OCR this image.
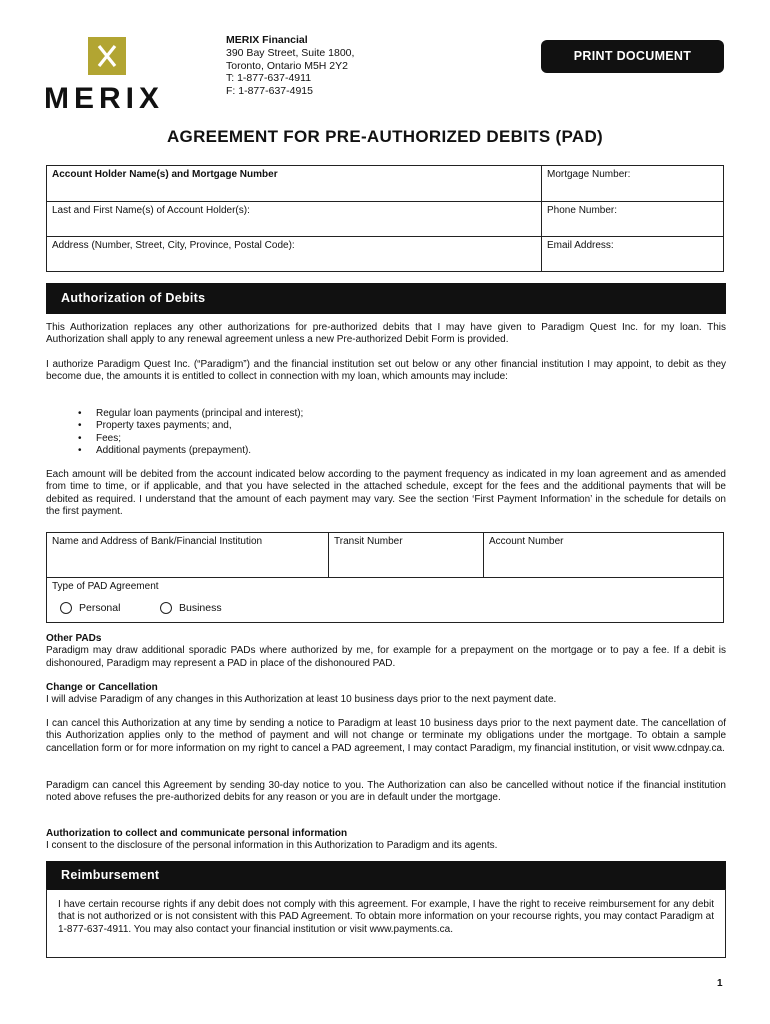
MERIX
MERIX Financial
390 Bay Street, Suite 1800,
Toronto, Ontario M5H 2Y2
T: 1-877-637-4911
F: 1-877-637-4915
PRINT DOCUMENT
AGREEMENT FOR PRE-AUTHORIZED DEBITS (PAD)
Account Holder Name(s) and Mortgage Number	Mortgage Number:
Last and First Name(s) of Account Holder(s):	Phone Number:
Address (Number, Street, City, Province, Postal Code):	Email Address:
Authorization of Debits
This Authorization replaces any other authorizations for pre-authorized debits that I may have given to Paradigm Quest Inc. for my loan. This Authorization shall apply to any renewal agreement unless a new Pre-authorized Debit Form is provided.
I authorize Paradigm Quest Inc. (“Paradigm”) and the financial institution set out below or any other financial institution I may appoint, to debit as they become due, the amounts it is entitled to collect in connection with my loan, which amounts may include:
• Regular loan payments (principal and interest);
• Property taxes payments; and,
• Fees;
• Additional payments (prepayment).
Each amount will be debited from the account indicated below according to the payment frequency as indicated in my loan agreement and as amended from time to time, or if applicable, and that you have selected in the attached schedule, except for the fees and the additional payments that will be debited as required. I understand that the amount of each payment may vary. See the section ‘First Payment Information’ in the schedule for details on the first payment.
Name and Address of Bank/Financial Institution	Transit Number	Account Number
Type of PAD Agreement
Personal	Business
Other PADs
Paradigm may draw additional sporadic PADs where authorized by me, for example for a prepayment on the mortgage or to pay a fee. If a debit is dishonoured, Paradigm may represent a PAD in place of the dishonoured PAD.
Change or Cancellation
I will advise Paradigm of any changes in this Authorization at least 10 business days prior to the next payment date.
I can cancel this Authorization at any time by sending a notice to Paradigm at least 10 business days prior to the next payment date. The cancellation of this Authorization applies only to the method of payment and will not change or terminate my obligations under the mortgage. To obtain a sample cancellation form or for more information on my right to cancel a PAD agreement, I may contact Paradigm, my financial institution, or visit www.cdnpay.ca.
Paradigm can cancel this Agreement by sending 30-day notice to you. The Authorization can also be cancelled without notice if the financial institution noted above refuses the pre-authorized debits for any reason or you are in default under the mortgage.
Authorization to collect and communicate personal information
I consent to the disclosure of the personal information in this Authorization to Paradigm and its agents.
Reimbursement
I have certain recourse rights if any debit does not comply with this agreement. For example, I have the right to receive reimbursement for any debit that is not authorized or is not consistent with this PAD Agreement. To obtain more information on your recourse rights, you may contact Paradigm at 1-877-637-4911. You may also contact your financial institution or visit www.payments.ca.
1
